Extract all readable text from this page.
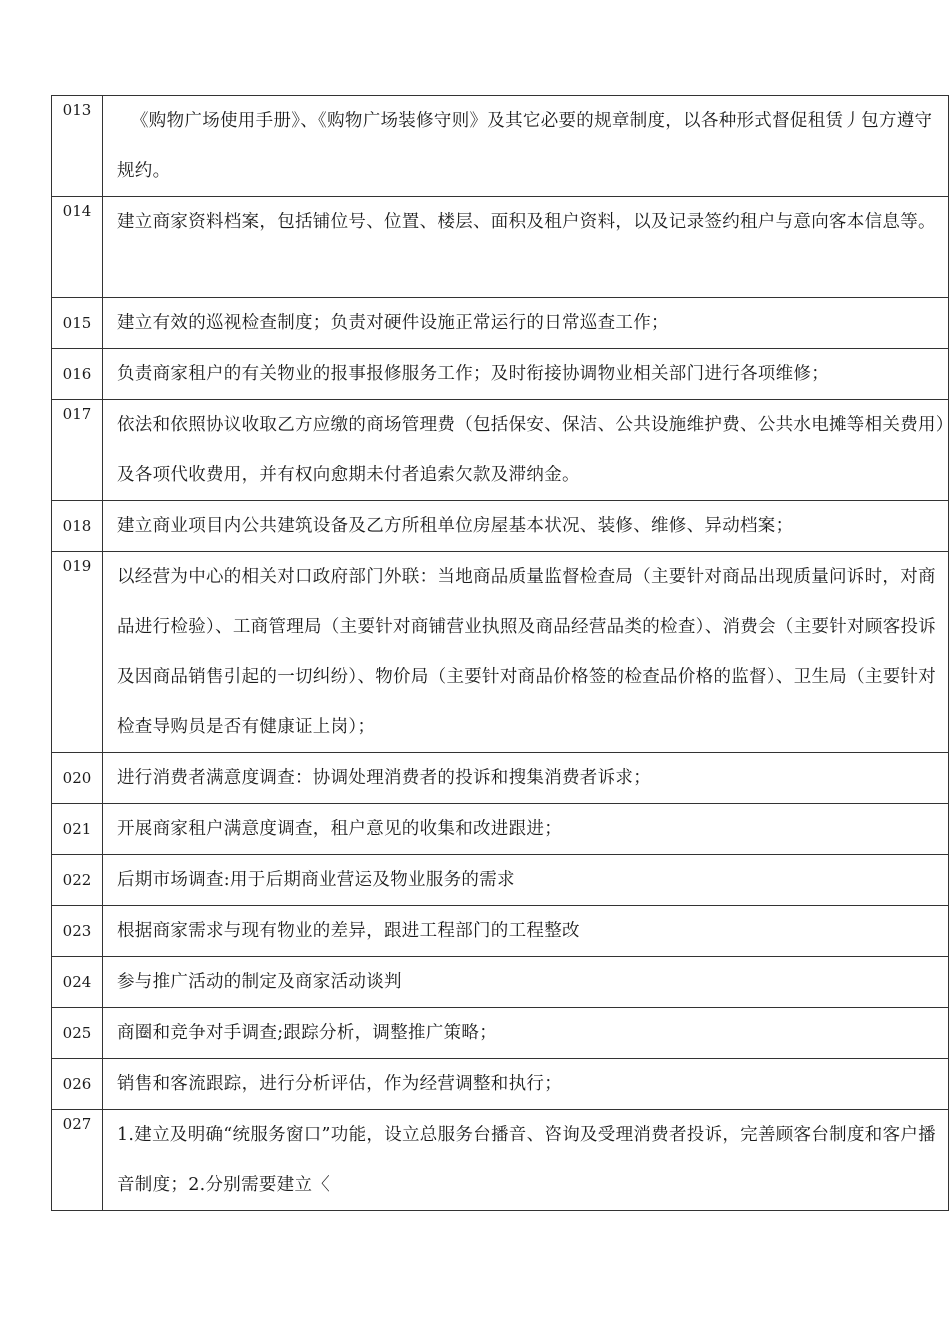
013	《购物广场使用手册》、《购物广场装修守则》及其它必要的规章制度，以各种形式督促租赁丿包方遵守规约。
014	建立商家资料档案，包括铺位号、位置、楼层、面积及租户资料，以及记录签约租户与意向客本信息等。
015	建立有效的巡视检查制度；负责对硬件设施正常运行的日常巡查工作；
016	负责商家租户的有关物业的报事报修服务工作；及时衔接协调物业相关部门进行各项维修；
017	依法和依照协议收取乙方应缴的商场管理费（包括保安、保洁、公共设施维护费、公共水电摊等相关费用）及各项代收费用，并有权向愈期未付者追索欠款及滞纳金。
018	建立商业项目内公共建筑设备及乙方所租单位房屋基本状况、装修、维修、异动档案；
019	以经营为中心的相关对口政府部门外联：当地商品质量监督检查局（主要针对商品出现质量问诉时，对商品进行检验）、工商管理局（主要针对商铺营业执照及商品经营品类的检查）、消费会（主要针对顾客投诉及因商品销售引起的一切纠纷）、物价局（主要针对商品价格签的检查品价格的监督）、卫生局（主要针对检查导购员是否有健康证上岗）；
020	进行消费者满意度调查：协调处理消费者的投诉和搜集消费者诉求；
021	开展商家租户满意度调查，租户意见的收集和改进跟进；
022	后期市场调查:用于后期商业营运及物业服务的需求
023	根据商家需求与现有物业的差异，跟进工程部门的工程整改
024	参与推广活动的制定及商家活动谈判
025	商圈和竞争对手调查;跟踪分析，调整推广策略；
026	销售和客流跟踪，进行分析评估，作为经营调整和执行；
027	1.建立及明确“统服务窗口”功能，设立总服务台播音、咨询及受理消费者投诉，完善顾客台制度和客户播音制度；2.分别需要建立〈
